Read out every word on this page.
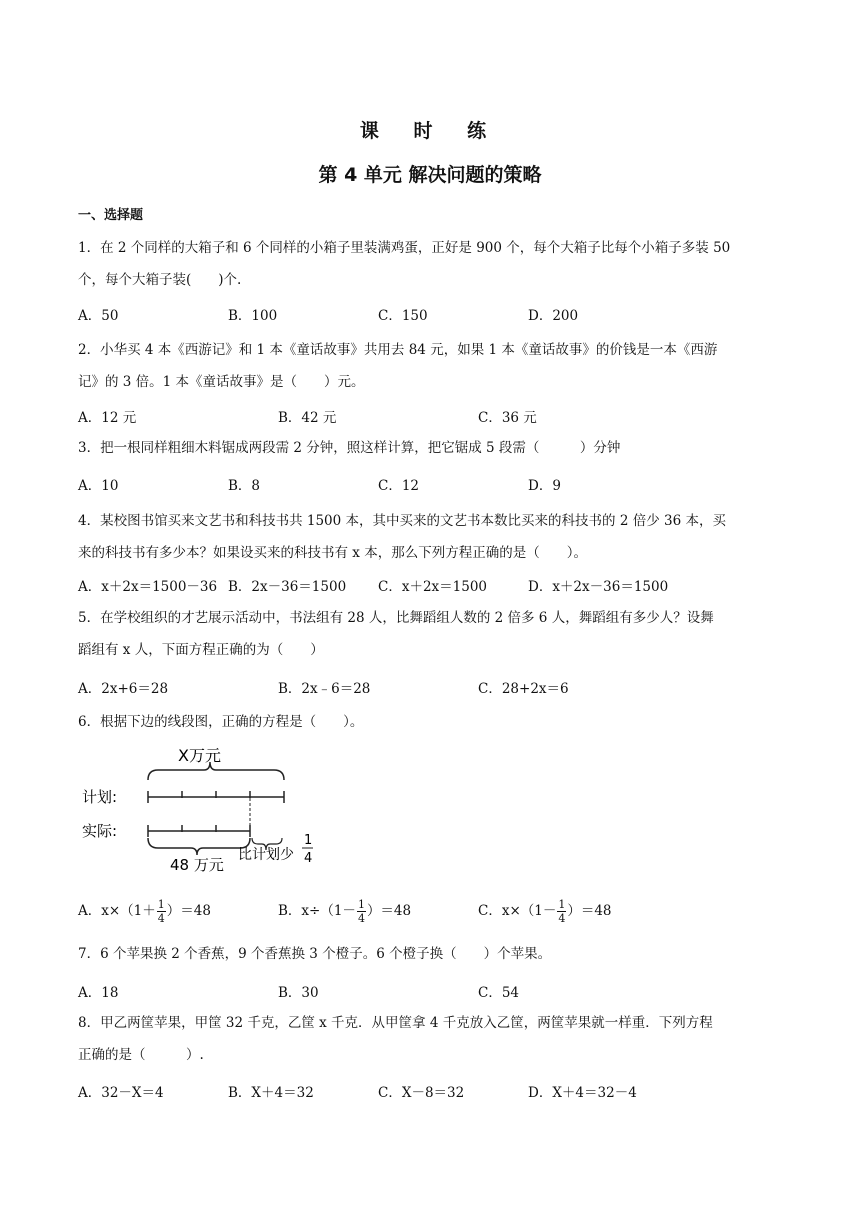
课 时 练
第 4 单元 解决问题的策略
一、选择题
1．在 2 个同样的大箱子和 6 个同样的小箱子里装满鸡蛋，正好是 900 个，每个大箱子比每个小箱子多装 50
个，每个大箱子装(　　)个.
A．50	B．100	C．150	D．200
2．小华买 4 本《西游记》和 1 本《童话故事》共用去 84 元，如果 1 本《童话故事》的价钱是一本《西游
记》的 3 倍。1 本《童话故事》是（　　）元。
A．12 元	B．42 元	C．36 元
3．把一根同样粗细木料锯成两段需 2 分钟，照这样计算，把它锯成 5 段需（　　　）分钟
A．10	B．8	C．12	D．9
4．某校图书馆买来文艺书和科技书共 1500 本，其中买来的文艺书本数比买来的科技书的 2 倍少 36 本，买
来的科技书有多少本？如果设买来的科技书有 x 本，那么下列方程正确的是（　　）。
A．x＋2x＝1500－36 B．2x－36＝1500 C．x＋2x＝1500	D．x＋2x－36＝1500
5．在学校组织的才艺展示活动中，书法组有 28 人，比舞蹈组人数的 2 倍多 6 人，舞蹈组有多少人？设舞
蹈组有 x 人，下面方程正确的为（　　）
A．2x+6＝28	B．2x﹣6＝28	C．28+2x＝6
6．根据下边的线段图，正确的方程是（　　）。
X万元
计划:
实际:
48 万元
比计划少
1
4
A．$x\times(1+ \frac{1}{4} )=48$	B．$x\div(1- \frac{1}{4} )=48$	C．$x\times(1- \frac{1}{4} )=48$
7．6 个苹果换 2 个香蕉，9 个香蕉换 3 个橙子。6 个橙子换（　　）个苹果。
A．18	B．30	C．54
8．甲乙两筐苹果，甲筐 32 千克，乙筐 x 千克．从甲筐拿 4 千克放入乙筐，两筐苹果就一样重．下列方程
正确的是（　　　）.
A．32－X＝4	B．X＋4＝32	C．X－8＝32	D．X＋4＝32－4
